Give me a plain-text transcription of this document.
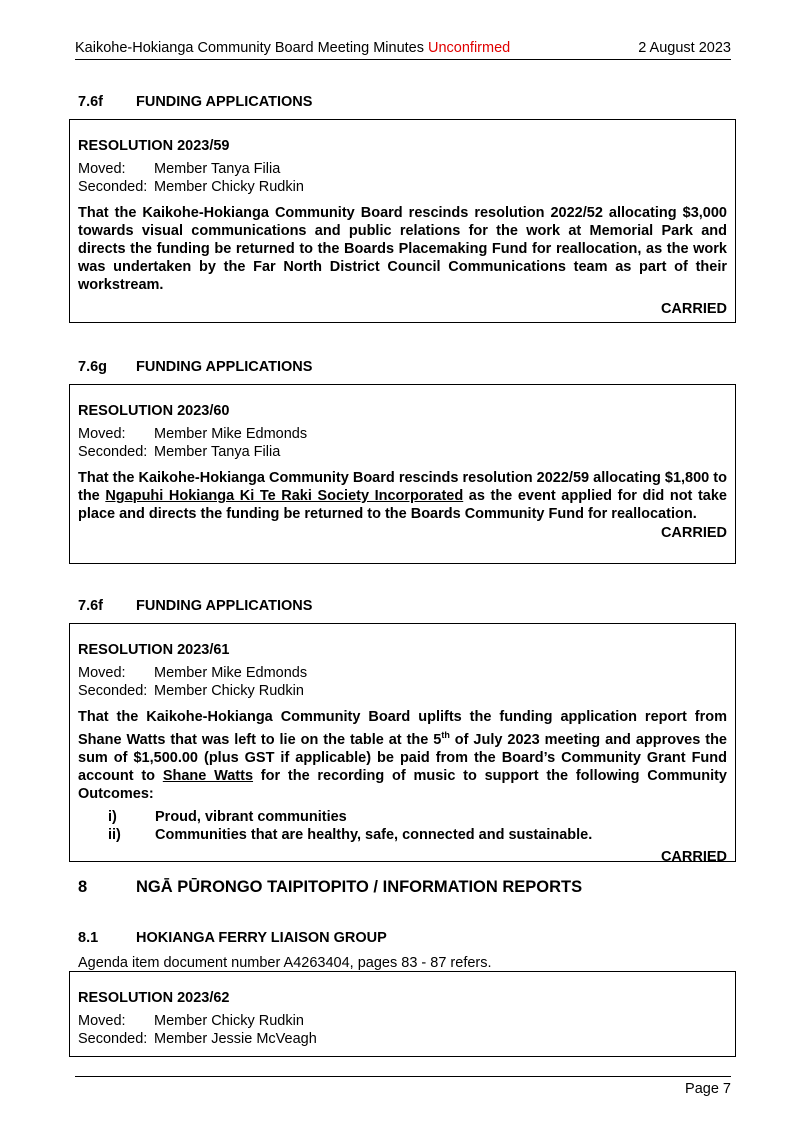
Kaikohe-Hokianga Community Board Meeting Minutes Unconfirmed	2 August 2023
7.6f FUNDING APPLICATIONS
RESOLUTION 2023/59
Moved:	Member Tanya Filia
Seconded: Member Chicky Rudkin
That the Kaikohe-Hokianga Community Board rescinds resolution 2022/52 allocating $3,000 towards visual communications and public relations for the work at Memorial Park and directs the funding be returned to the Boards Placemaking Fund for reallocation, as the work was undertaken by the Far North District Council Communications team as part of their workstream.
CARRIED
7.6g FUNDING APPLICATIONS
RESOLUTION 2023/60
Moved:	Member Mike Edmonds
Seconded: Member Tanya Filia
That the Kaikohe-Hokianga Community Board rescinds resolution 2022/59 allocating $1,800 to the Ngapuhi Hokianga Ki Te Raki Society Incorporated as the event applied for did not take place and directs the funding be returned to the Boards Community Fund for reallocation.
CARRIED
7.6f FUNDING APPLICATIONS
RESOLUTION 2023/61
Moved:	Member Mike Edmonds
Seconded: Member Chicky Rudkin
That the Kaikohe-Hokianga Community Board uplifts the funding application report from Shane Watts that was left to lie on the table at the 5th of July 2023 meeting and approves the sum of $1,500.00 (plus GST if applicable) be paid from the Board’s Community Grant Fund account to Shane Watts for the recording of music to support the following Community Outcomes:
i)	Proud, vibrant communities
ii)	Communities that are healthy, safe, connected and sustainable.
CARRIED
8	NGĀ PŪRONGO TAIPITOPITO / INFORMATION REPORTS
8.1	HOKIANGA FERRY LIAISON GROUP
Agenda item document number A4263404, pages 83 - 87 refers.
RESOLUTION 2023/62
Moved:	Member Chicky Rudkin
Seconded: Member Jessie McVeagh
Page 7
